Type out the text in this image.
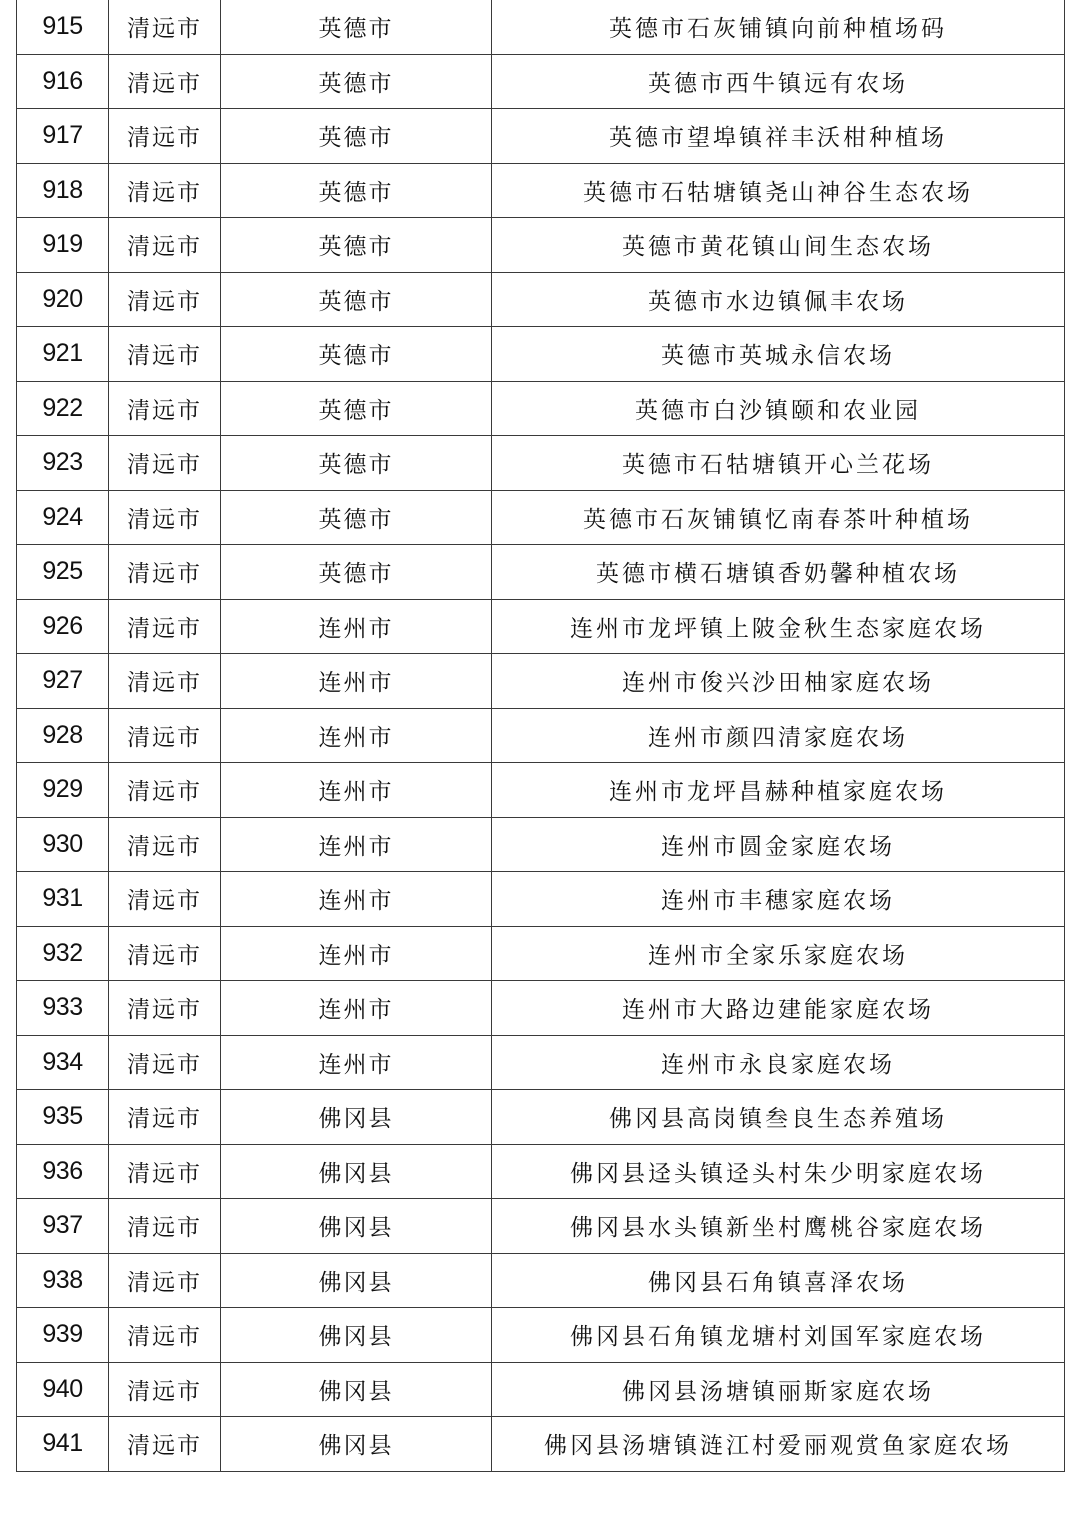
915	清远市	英德市	英德市石灰铺镇向前种植场码
916	清远市	英德市	英德市西牛镇远有农场
917	清远市	英德市	英德市望埠镇祥丰沃柑种植场
918	清远市	英德市	英德市石牯塘镇尧山神谷生态农场
919	清远市	英德市	英德市黄花镇山间生态农场
920	清远市	英德市	英德市水边镇佩丰农场
921	清远市	英德市	英德市英城永信农场
922	清远市	英德市	英德市白沙镇颐和农业园
923	清远市	英德市	英德市石牯塘镇开心兰花场
924	清远市	英德市	英德市石灰铺镇忆南春茶叶种植场
925	清远市	英德市	英德市横石塘镇香奶馨种植农场
926	清远市	连州市	连州市龙坪镇上陂金秋生态家庭农场
927	清远市	连州市	连州市俊兴沙田柚家庭农场
928	清远市	连州市	连州市颜四清家庭农场
929	清远市	连州市	连州市龙坪昌赫种植家庭农场
930	清远市	连州市	连州市圆金家庭农场
931	清远市	连州市	连州市丰穗家庭农场
932	清远市	连州市	连州市全家乐家庭农场
933	清远市	连州市	连州市大路边建能家庭农场
934	清远市	连州市	连州市永良家庭农场
935	清远市	佛冈县	佛冈县高岗镇叁良生态养殖场
936	清远市	佛冈县	佛冈县迳头镇迳头村朱少明家庭农场
937	清远市	佛冈县	佛冈县水头镇新坐村鹰桃谷家庭农场
938	清远市	佛冈县	佛冈县石角镇喜泽农场
939	清远市	佛冈县	佛冈县石角镇龙塘村刘国军家庭农场
940	清远市	佛冈县	佛冈县汤塘镇丽斯家庭农场
941	清远市	佛冈县	佛冈县汤塘镇涟江村爱丽观赏鱼家庭农场
